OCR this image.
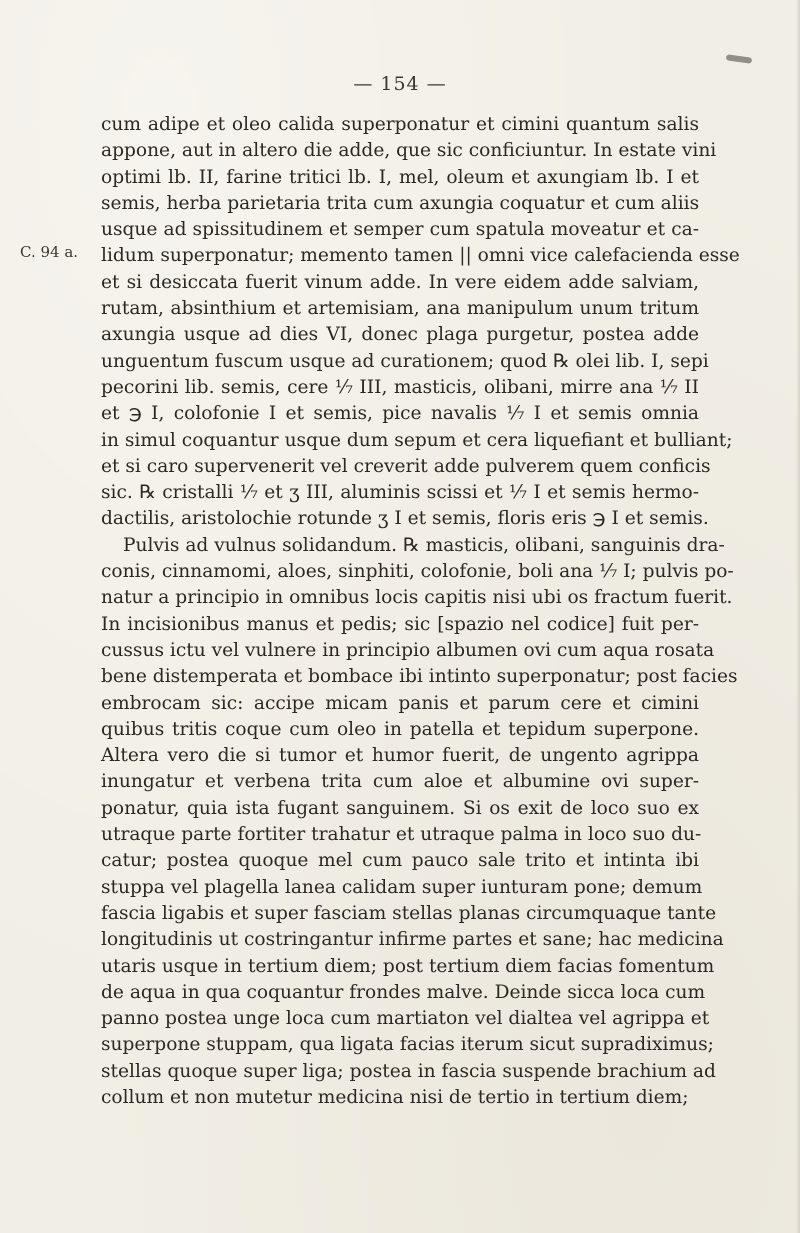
— 154 —
C. 94 a.
cum adipe et oleo calida superponatur et cimini quantum salis
appone, aut in altero die adde, que sic conficiuntur. In estate vini
optimi lb. II, farine tritici lb. I, mel, oleum et axungiam lb. I et
semis, herba parietaria trita cum axungia coquatur et cum aliis
usque ad spissitudinem et semper cum spatula moveatur et ca-
lidum superponatur; memento tamen || omni vice calefacienda esse
et si desiccata fuerit vinum adde. In vere eidem adde salviam,
rutam, absinthium et artemisiam, ana manipulum unum tritum
axungia usque ad dies VI, donec plaga purgetur, postea adde
unguentum fuscum usque ad curationem; quod ℞ olei lib. I, sepi
pecorini lib. semis, cere ⅟₇ III, masticis, olibani, mirre ana ⅟₇ II
et ℈ I, colofonie I et semis, pice navalis ⅟₇ I et semis omnia
in simul coquantur usque dum sepum et cera liquefiant et bulliant;
et si caro supervenerit vel creverit adde pulverem quem conficis
sic. ℞ cristalli ⅟₇ et ʒ III, aluminis scissi et ⅟₇ I et semis hermo-
dactilis, aristolochie rotunde ʒ I et semis, floris eris ℈ I et semis.
Pulvis ad vulnus solidandum. ℞ masticis, olibani, sanguinis dra-
conis, cinnamomi, aloes, sinphiti, colofonie, boli ana ⅟₇ I; pulvis po-
natur a principio in omnibus locis capitis nisi ubi os fractum fuerit.
In incisionibus manus et pedis; sic [spazio nel codice] fuit per-
cussus ictu vel vulnere in principio albumen ovi cum aqua rosata
bene distemperata et bombace ibi intinto superponatur; post facies
embrocam sic: accipe micam panis et parum cere et cimini
quibus tritis coque cum oleo in patella et tepidum superpone.
Altera vero die si tumor et humor fuerit, de ungento agrippa
inungatur et verbena trita cum aloe et albumine ovi super-
ponatur, quia ista fugant sanguinem. Si os exit de loco suo ex
utraque parte fortiter trahatur et utraque palma in loco suo du-
catur; postea quoque mel cum pauco sale trito et intinta ibi
stuppa vel plagella lanea calidam super iunturam pone; demum
fascia ligabis et super fasciam stellas planas circumquaque tante
longitudinis ut costringantur infirme partes et sane; hac medicina
utaris usque in tertium diem; post tertium diem facias fomentum
de aqua in qua coquantur frondes malve. Deinde sicca loca cum
panno postea unge loca cum martiaton vel dialtea vel agrippa et
superpone stuppam, qua ligata facias iterum sicut supradiximus;
stellas quoque super liga; postea in fascia suspende brachium ad
collum et non mutetur medicina nisi de tertio in tertium diem;
